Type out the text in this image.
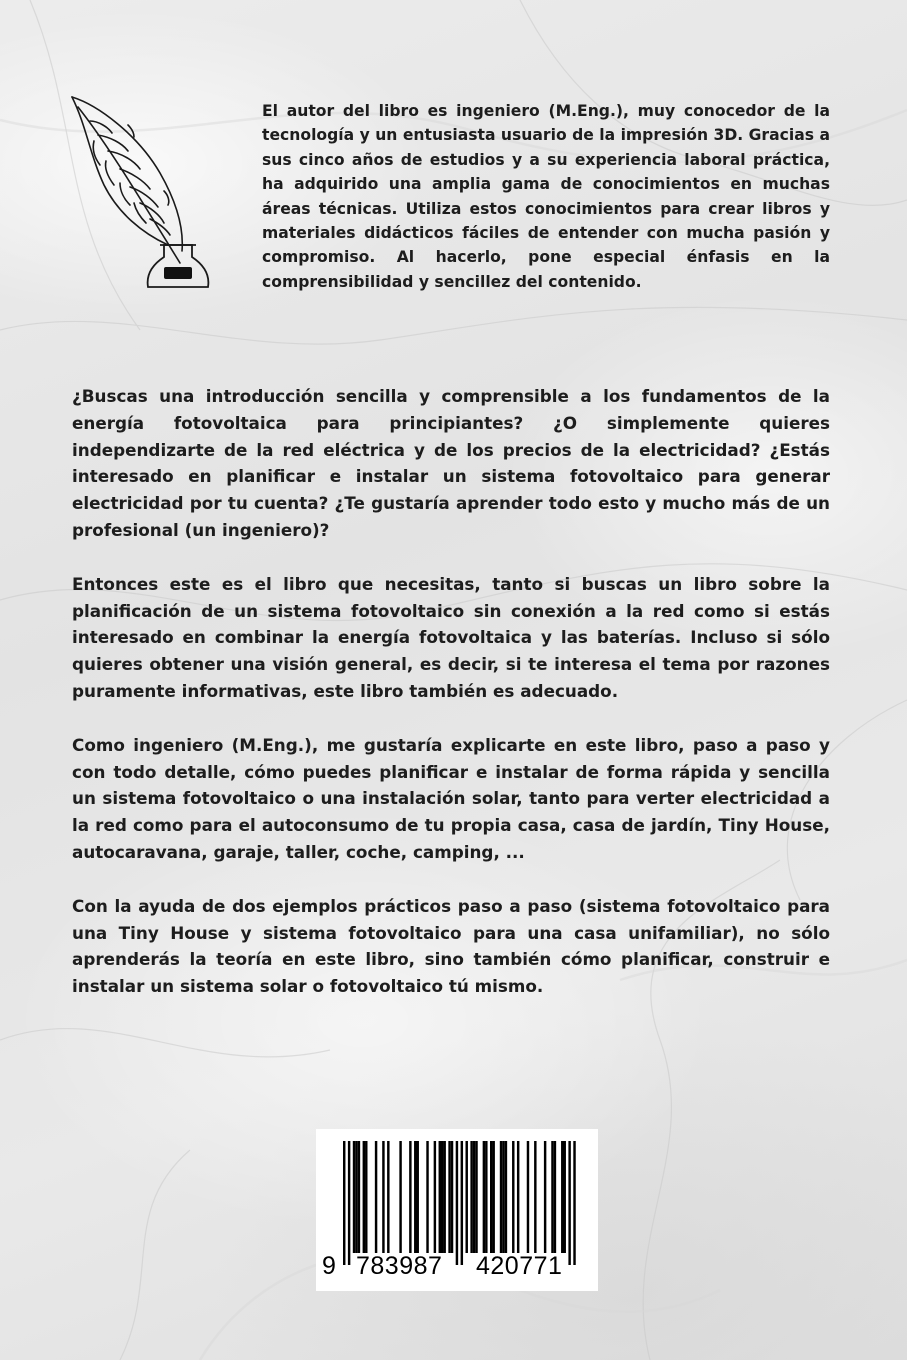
El autor del libro es ingeniero (M.Eng.), muy conocedor de la tecnología y un entusiasta usuario de la impresión 3D. Gracias a sus cinco años de estudios y a su experiencia laboral práctica, ha adquirido una amplia gama de conocimientos en muchas áreas técnicas. Utiliza estos conocimientos para crear libros y materiales didácticos fáciles de entender con mucha pasión y compromiso. Al hacerlo, pone especial énfasis en la comprensibilidad y sencillez del contenido.

¿Buscas una introducción sencilla y comprensible a los fundamentos de la energía fotovoltaica para principiantes? ¿O simplemente quieres independizarte de la red eléctrica y de los precios de la electricidad? ¿Estás interesado en planificar e instalar un sistema fotovoltaico para generar electricidad por tu cuenta? ¿Te gustaría aprender todo esto y mucho más de un profesional (un ingeniero)?

Entonces este es el libro que necesitas, tanto si buscas un libro sobre la planificación de un sistema fotovoltaico sin conexión a la red como si estás interesado en combinar la energía fotovoltaica y las baterías. Incluso si sólo quieres obtener una visión general, es decir, si te interesa el tema por razones puramente informativas, este libro también es adecuado.

Como ingeniero (M.Eng.), me gustaría explicarte en este libro, paso a paso y con todo detalle, cómo puedes planificar e instalar de forma rápida y sencilla un sistema fotovoltaico o una instalación solar, tanto para verter electricidad a la red como para el autoconsumo de tu propia casa, casa de jardín, Tiny House, autocaravana, garaje, taller, coche, camping, ...

Con la ayuda de dos ejemplos prácticos paso a paso (sistema fotovoltaico para una Tiny House y sistema fotovoltaico para una casa unifamiliar), no sólo aprenderás la teoría en este libro, sino también cómo planificar, construir e instalar un sistema solar o fotovoltaico tú mismo.

9 783987 420771
